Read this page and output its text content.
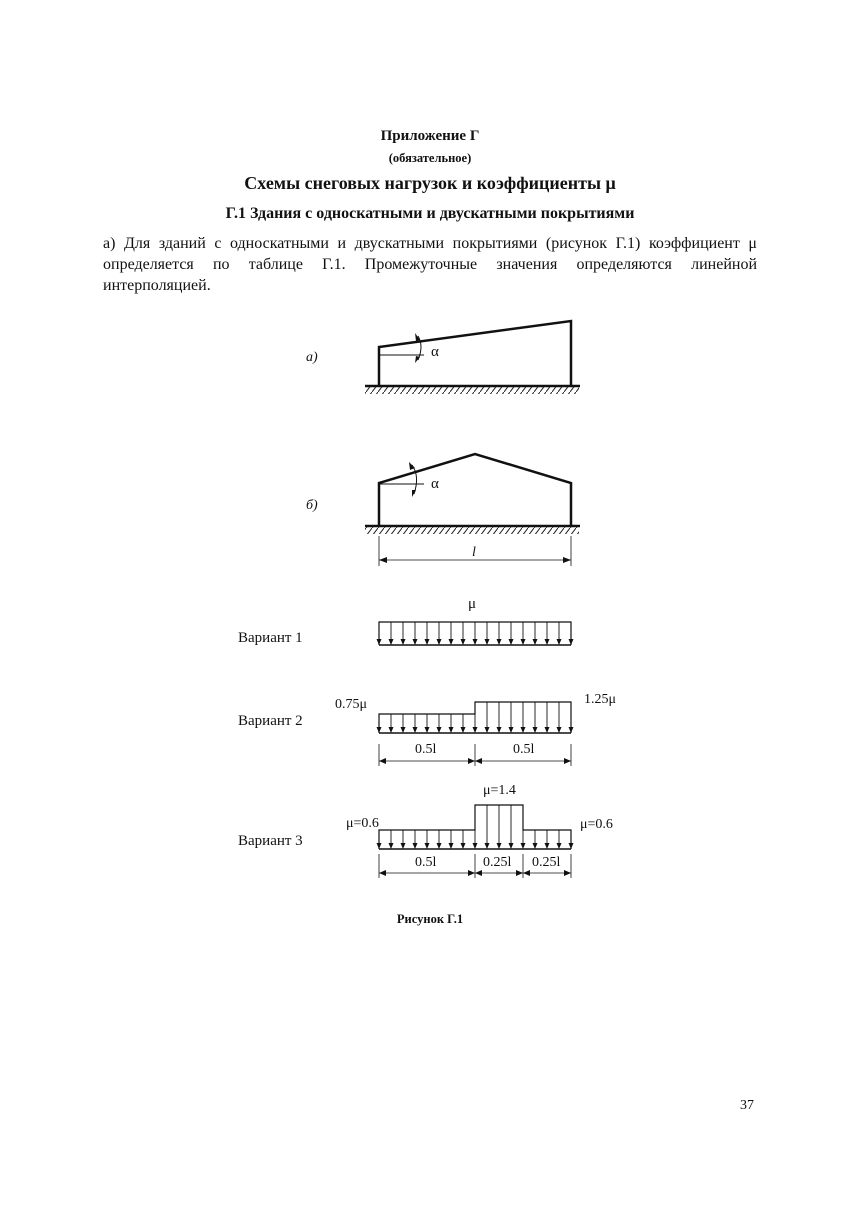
Приложение Г
(обязательное)
Схемы снеговых нагрузок и коэффициенты μ
Г.1 Здания с односкатными и двускатными покрытиями
а) Для зданий с односкатными и двускатными покрытиями (рисунок Г.1) коэффициент μ определяется по таблице Г.1. Промежуточные значения определяются линейной интерполяцией.
а)	α
б)
α
l
Вариант 1
μ
Вариант 2
0.75μ	1.25μ
0.5l	0.5l
Вариант 3
μ=0.6
μ=1.4
μ=0.6
0.5l	0.25l 0.25l
Рисунок Г.1
37
